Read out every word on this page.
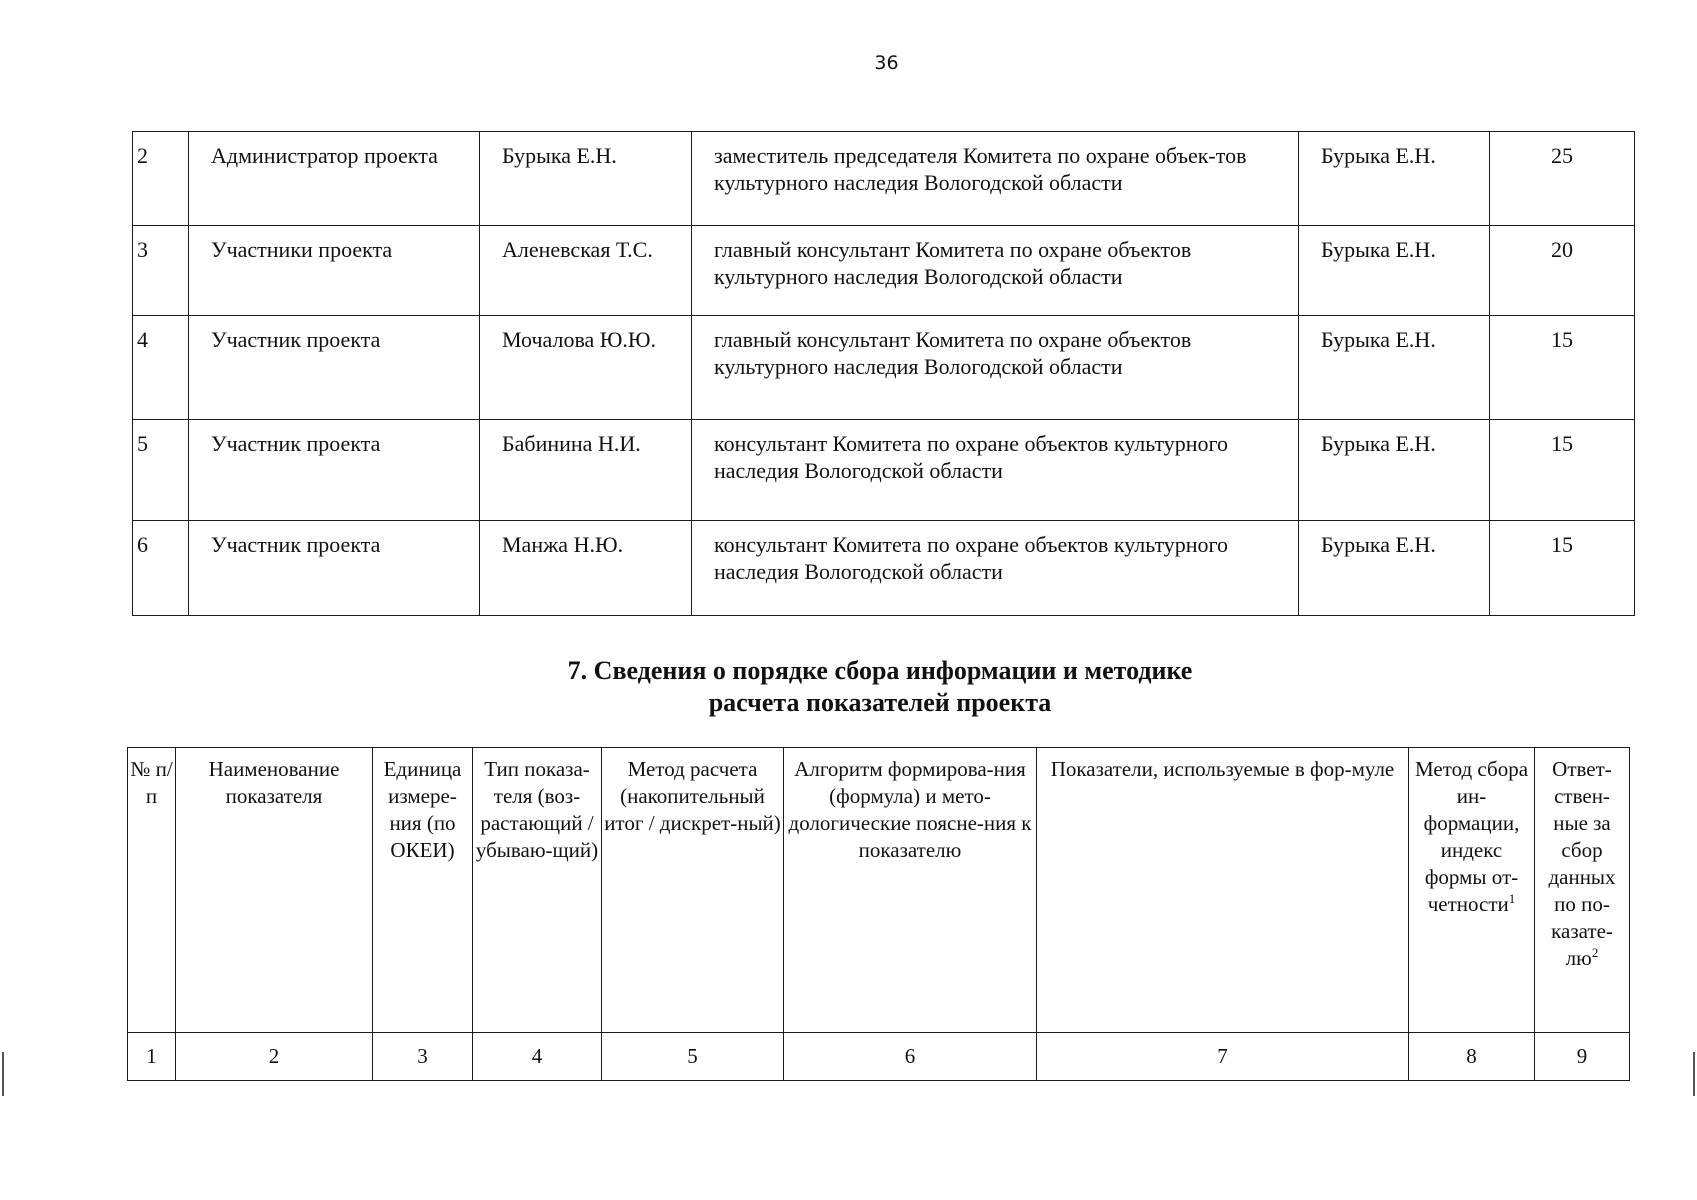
36
2	Администратор проекта	Бурыка Е.Н.	заместитель председателя Комитета по охране объек-тов культурного наследия Вологодской области	Бурыка Е.Н.	25
3	Участники проекта	Аленевская Т.С.	главный консультант Комитета по охране объектов культурного наследия Вологодской области	Бурыка Е.Н.	20
4	Участник проекта	Мочалова Ю.Ю.	главный консультант Комитета по охране объектов культурного наследия Вологодской области	Бурыка Е.Н.	15
5	Участник проекта	Бабинина Н.И.	консультант Комитета по охране объектов культурного наследия Вологодской области	Бурыка Е.Н.	15
6	Участник проекта	Манжа Н.Ю.	консультант Комитета по охране объектов культурного наследия Вологодской области	Бурыка Е.Н.	15
7. Сведения о порядке сбора информации и методике
расчета показателей проекта
№ п/п	Наименование показателя	Единица измере-ния (по ОКЕИ)	Тип показа-теля (воз-растающий / убываю-щий)	Метод расчета (накопительный итог / дискрет-ный)	Алгоритм формирова-ния (формула) и мето-дологические поясне-ния к показателю	Показатели, используемые в фор-муле	Метод сбора ин-формации, индекс формы от-четности$^1$	Ответ-ствен-ные за сбор данных по $по-казате-лю^2$
1	2	3	4	5	6	7	8	9
